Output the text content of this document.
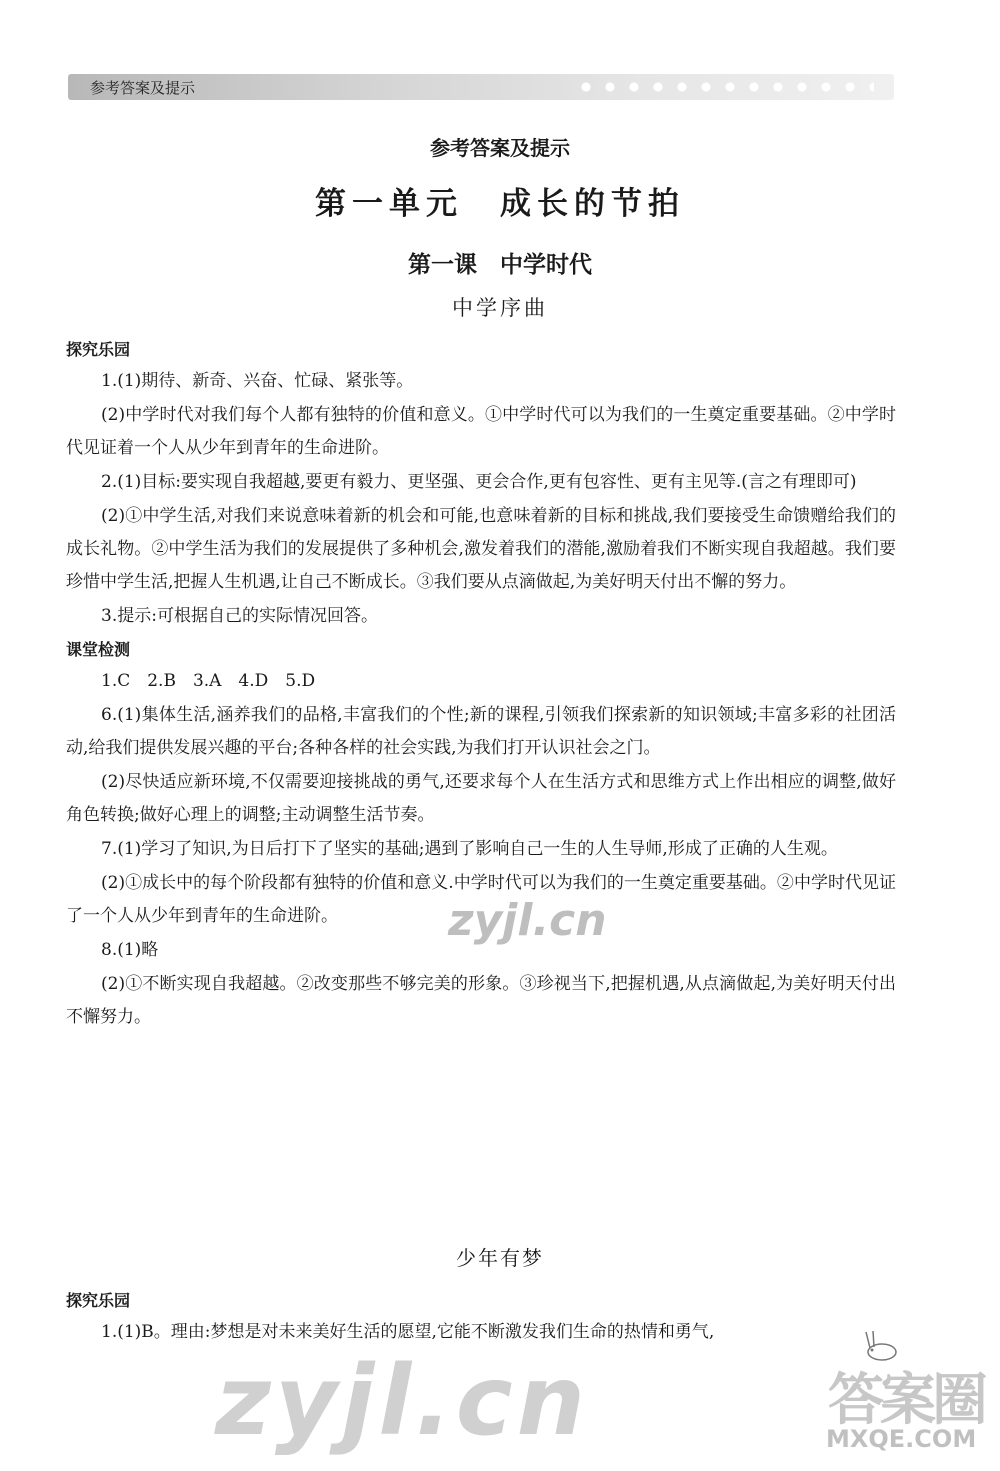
参考答案及提示
参考答案及提示
第一单元　成长的节拍
第一课　中学时代
中学序曲
探究乐园

1.(1)期待、新奇、兴奋、忙碌、紧张等。

(2)中学时代对我们每个人都有独特的价值和意义。①中学时代可以为我们的一生奠定重要基础。②中学时代见证着一个人从少年到青年的生命进阶。

2.(1)目标:要实现自我超越,要更有毅力、更坚强、更会合作,更有包容性、更有主见等.(言之有理即可)

(2)①中学生活,对我们来说意味着新的机会和可能,也意味着新的目标和挑战,我们要接受生命馈赠给我们的成长礼物。②中学生活为我们的发展提供了多种机会,激发着我们的潜能,激励着我们不断实现自我超越。我们要珍惜中学生活,把握人生机遇,让自己不断成长。③我们要从点滴做起,为美好明天付出不懈的努力。

3.提示:可根据自己的实际情况回答。

课堂检测

1.C　2.B　3.A　4.D　5.D

6.(1)集体生活,涵养我们的品格,丰富我们的个性;新的课程,引领我们探索新的知识领域;丰富多彩的社团活动,给我们提供发展兴趣的平台;各种各样的社会实践,为我们打开认识社会之门。

(2)尽快适应新环境,不仅需要迎接挑战的勇气,还要求每个人在生活方式和思维方式上作出相应的调整,做好角色转换;做好心理上的调整;主动调整生活节奏。

7.(1)学习了知识,为日后打下了坚实的基础;遇到了影响自己一生的人生导师,形成了正确的人生观。

(2)①成长中的每个阶段都有独特的价值和意义.中学时代可以为我们的一生奠定重要基础。②中学时代见证了一个人从少年到青年的生命进阶。

8.(1)略

(2)①不断实现自我超越。②改变那些不够完美的形象。③珍视当下,把握机遇,从点滴做起,为美好明天付出不懈努力。

少年有梦
探究乐园

1.(1)B。理由:梦想是对未来美好生活的愿望,它能不断激发我们生命的热情和勇气,

zyjl.cn
zyjl.cn	答案圈
MXQE.COM
